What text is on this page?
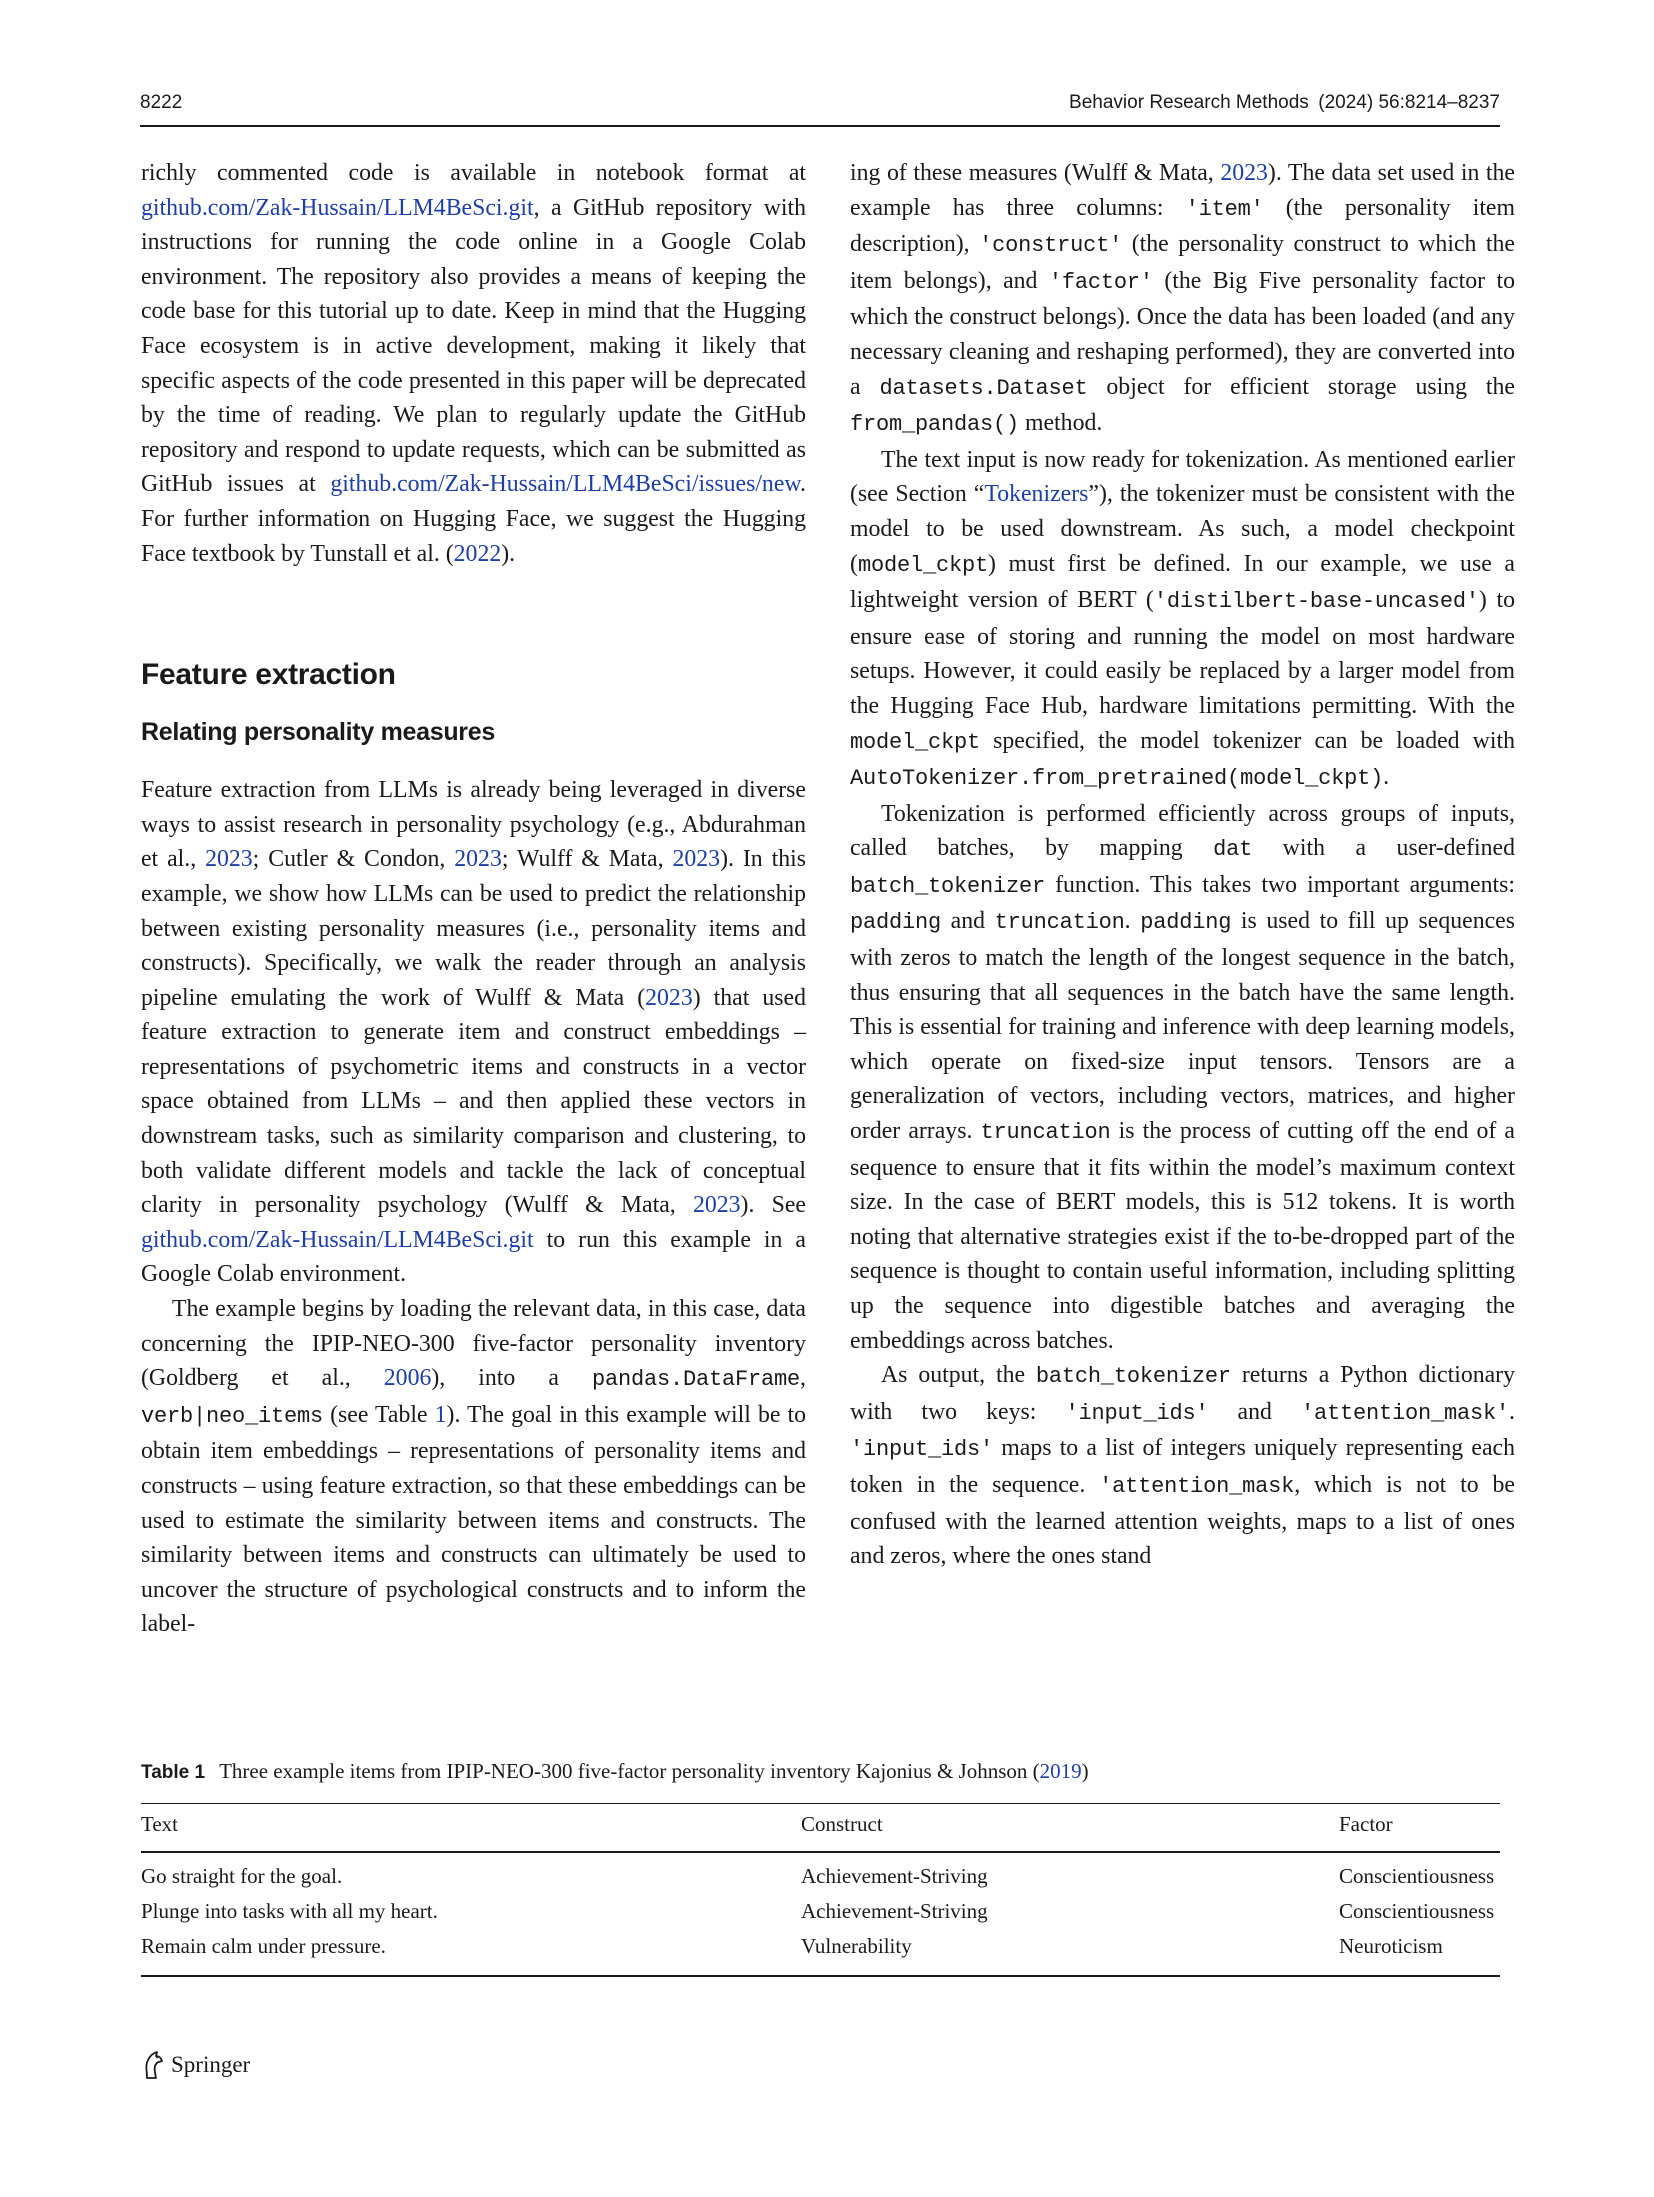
8222	Behavior Research Methods (2024) 56:8214–8237

richly commented code is available in notebook format at github.com/Zak-Hussain/LLM4BeSci.git, a GitHub repository with instructions for running the code online in a Google Colab environment. The repository also provides a means of keeping the code base for this tutorial up to date. Keep in mind that the Hugging Face ecosystem is in active development, making it likely that specific aspects of the code presented in this paper will be deprecated by the time of reading. We plan to regularly update the GitHub repository and respond to update requests, which can be submitted as GitHub issues at github.com/Zak-Hussain/LLM4BeSci/issues/new. For further information on Hugging Face, we suggest the Hugging Face textbook by Tunstall et al. (2022).

Feature extraction
Relating personality measures

Feature extraction from LLMs is already being leveraged in diverse ways to assist research in personality psychology (e.g., Abdurahman et al., 2023; Cutler & Condon, 2023; Wulff & Mata, 2023). In this example, we show how LLMs can be used to predict the relationship between existing personality measures (i.e., personality items and constructs). Specifically, we walk the reader through an analysis pipeline emulating the work of Wulff & Mata (2023) that used feature extraction to generate item and construct embeddings – representations of psychometric items and constructs in a vector space obtained from LLMs – and then applied these vectors in downstream tasks, such as similarity comparison and clustering, to both validate different models and tackle the lack of conceptual clarity in personality psychology (Wulff & Mata, 2023). See github.com/Zak-Hussain/LLM4BeSci.git to run this example in a Google Colab environment.

The example begins by loading the relevant data, in this case, data concerning the IPIP-NEO-300 five-factor personality inventory (Goldberg et al., 2006), into a pandas.DataFrame, verb|neo_items (see Table 1). The goal in this example will be to obtain item embeddings – representations of personality items and constructs – using feature extraction, so that these embeddings can be used to estimate the similarity between items and constructs. The similarity between items and constructs can ultimately be used to uncover the structure of psychological constructs and to inform the label-

ing of these measures (Wulff & Mata, 2023). The data set used in the example has three columns: 'item' (the personality item description), 'construct' (the personality construct to which the item belongs), and 'factor' (the Big Five personality factor to which the construct belongs). Once the data has been loaded (and any necessary cleaning and reshaping performed), they are converted into a datasets.Dataset object for efficient storage using the from_pandas() method.

The text input is now ready for tokenization. As mentioned earlier (see Section “Tokenizers”), the tokenizer must be consistent with the model to be used downstream. As such, a model checkpoint (model_ckpt) must first be defined. In our example, we use a lightweight version of BERT ('distilbert-base-uncased') to ensure ease of storing and running the model on most hardware setups. However, it could easily be replaced by a larger model from the Hugging Face Hub, hardware limitations permitting. With the model_ckpt specified, the model tokenizer can be loaded with AutoTokenizer.from_pretrained(model_ckpt).

Tokenization is performed efficiently across groups of inputs, called batches, by mapping dat with a user-defined batch_tokenizer function. This takes two important arguments: padding and truncation. padding is used to fill up sequences with zeros to match the length of the longest sequence in the batch, thus ensuring that all sequences in the batch have the same length. This is essential for training and inference with deep learning models, which operate on fixed-size input tensors. Tensors are a generalization of vectors, including vectors, matrices, and higher order arrays. truncation is the process of cutting off the end of a sequence to ensure that it fits within the model’s maximum context size. In the case of BERT models, this is 512 tokens. It is worth noting that alternative strategies exist if the to-be-dropped part of the sequence is thought to contain useful information, including splitting up the sequence into digestible batches and averaging the embeddings across batches.

As output, the batch_tokenizer returns a Python dictionary with two keys: 'input_ids' and 'attention_mask'. 'input_ids' maps to a list of integers uniquely representing each token in the sequence. 'attention_mask, which is not to be confused with the learned attention weights, maps to a list of ones and zeros, where the ones stand

Table 1 Three example items from IPIP-NEO-300 five-factor personality inventory Kajonius & Johnson (2019)
Text	Construct	Factor
Go straight for the goal.	Achievement-Striving	Conscientiousness
Plunge into tasks with all my heart.	Achievement-Striving	Conscientiousness
Remain calm under pressure.	Vulnerability	Neuroticism
Springer
